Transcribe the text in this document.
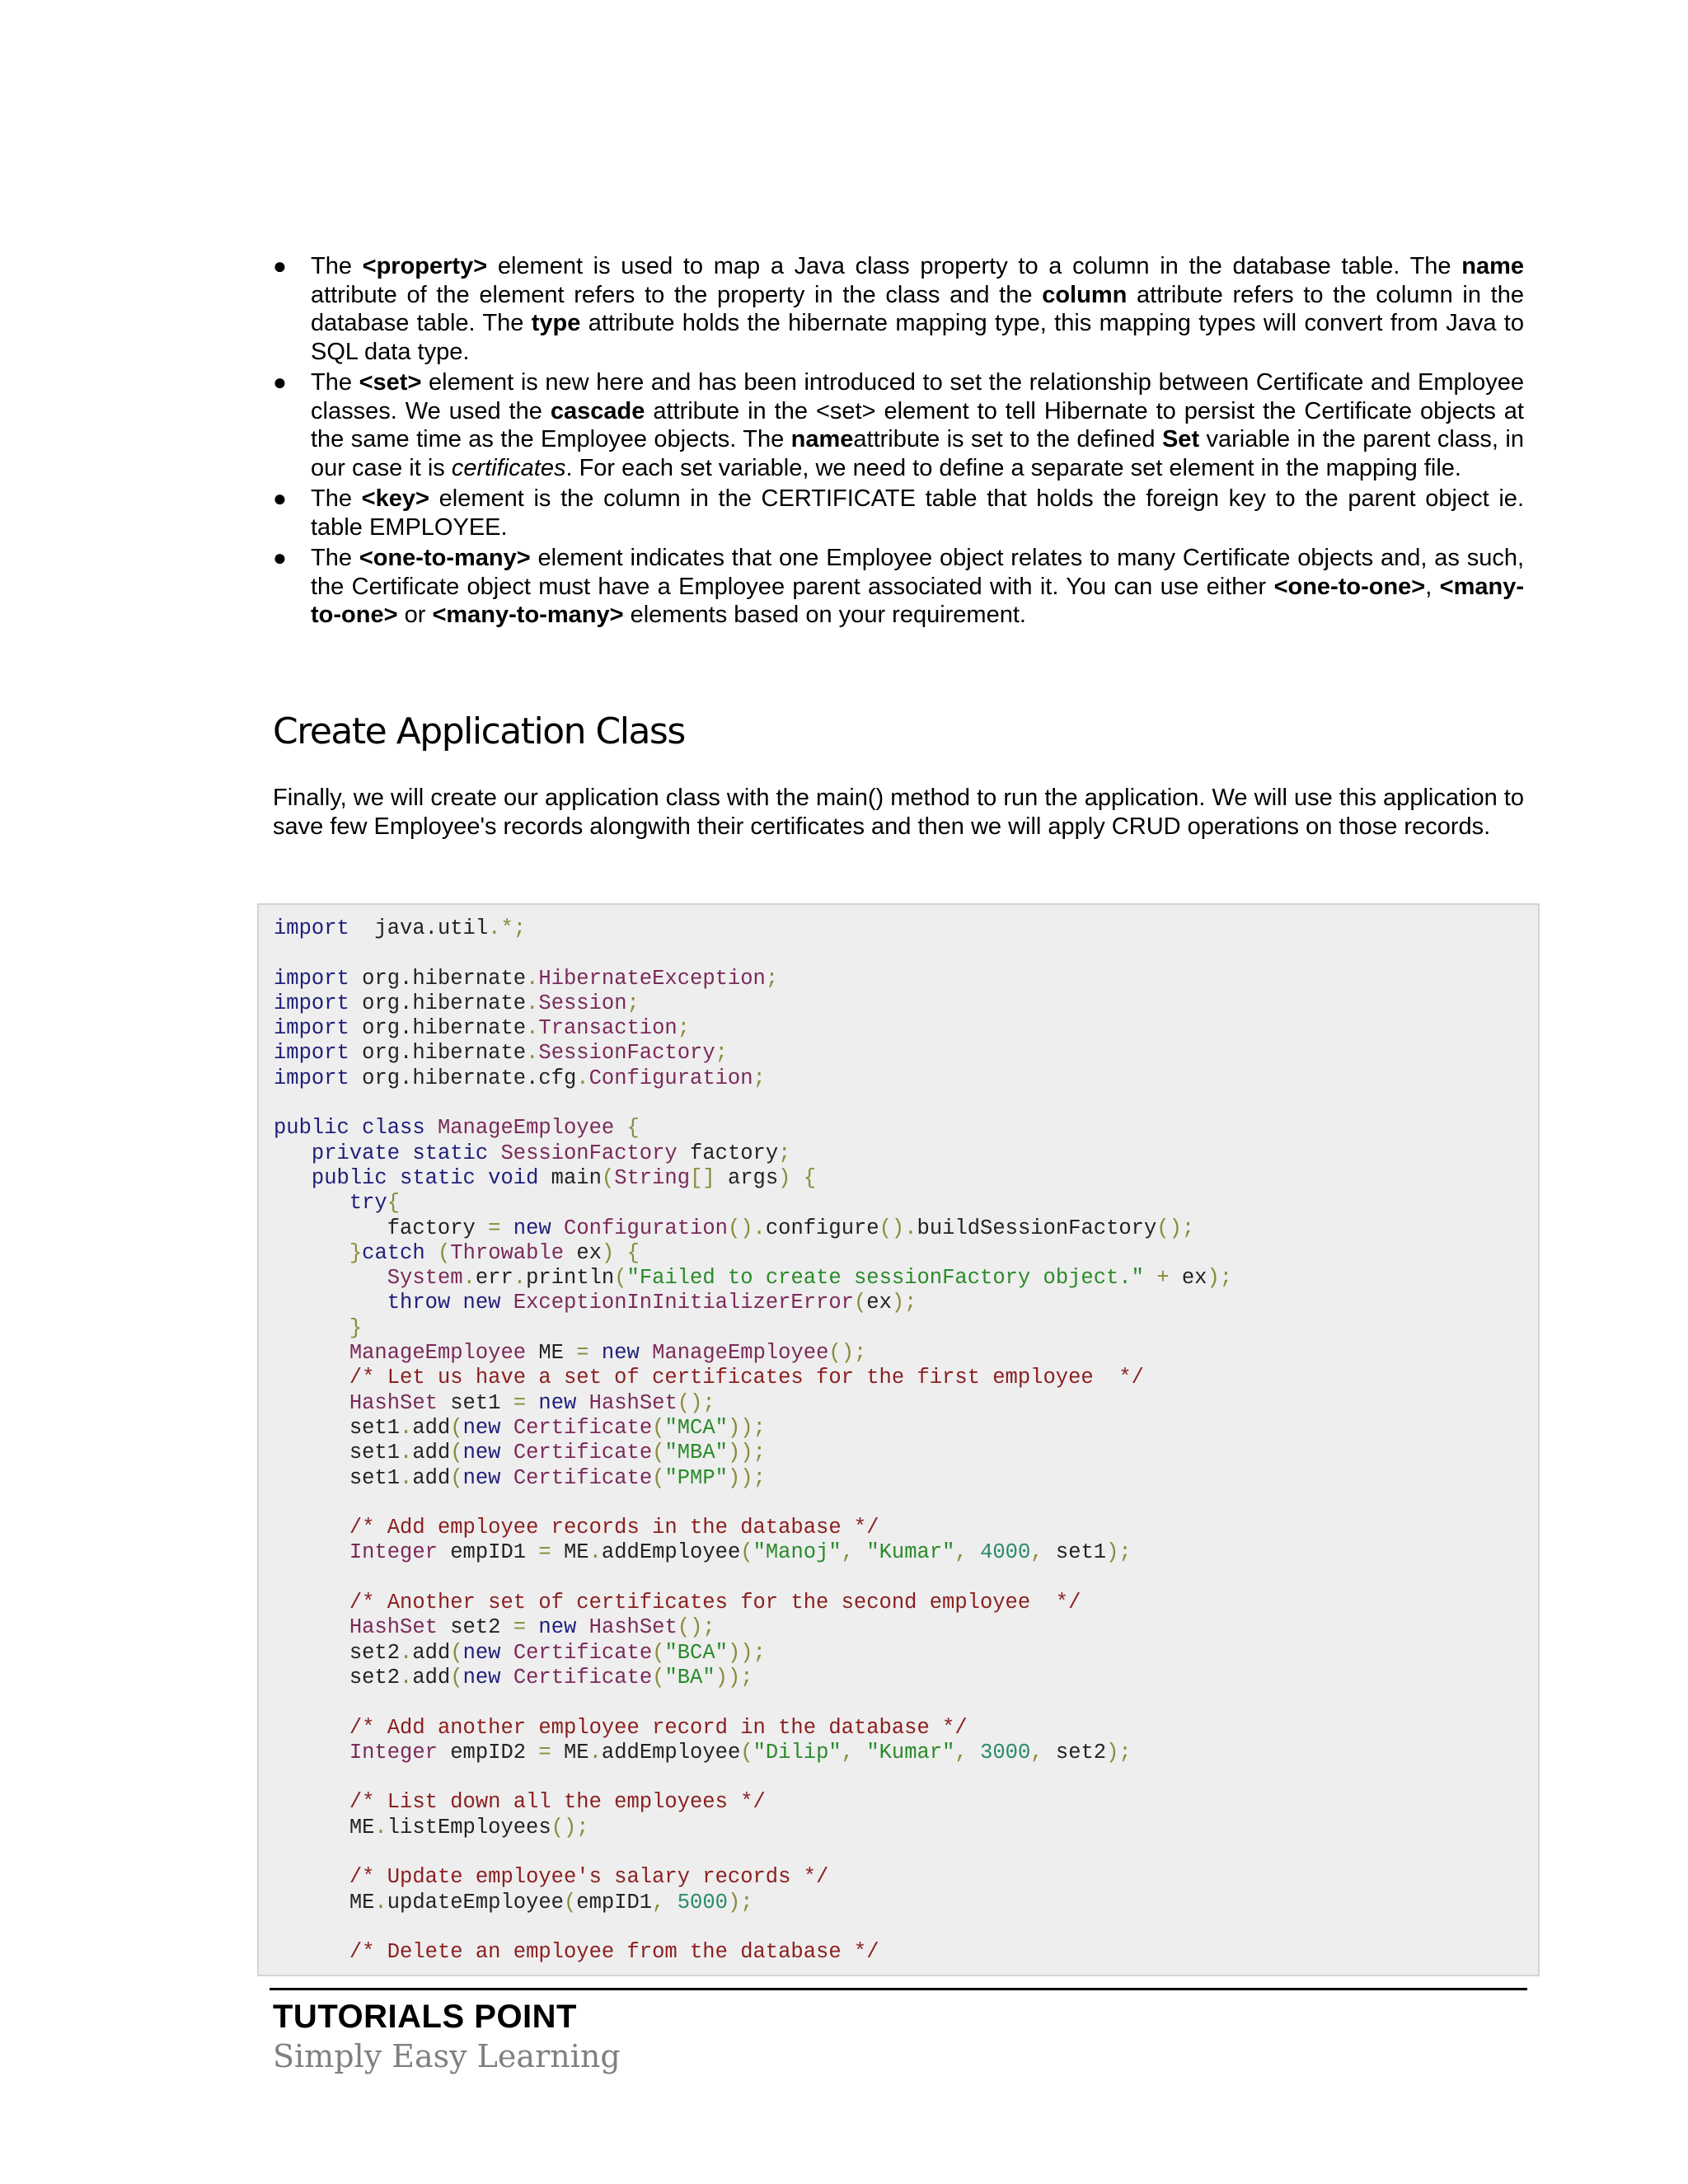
● The <property> element is used to map a Java class property to a column in the database table. The name attribute of the element refers to the property in the class and the column attribute refers to the column in the database table. The type attribute holds the hibernate mapping type, this mapping types will convert from Java to SQL data type.
● The <set> element is new here and has been introduced to set the relationship between Certificate and Employee classes. We used the cascade attribute in the <set> element to tell Hibernate to persist the Certificate objects at the same time as the Employee objects. The nameattribute is set to the defined Set variable in the parent class, in our case it is certificates. For each set variable, we need to define a separate set element in the mapping file.
● The <key> element is the column in the CERTIFICATE table that holds the foreign key to the parent object ie. table EMPLOYEE.
● The <one-to-many> element indicates that one Employee object relates to many Certificate objects and, as such, the Certificate object must have a Employee parent associated with it. You can use either <one-to-one>, <many-to-one> or <many-to-many> elements based on your requirement.
Create Application Class

Finally, we will create our application class with the main() method to run the application. We will use this application to save few Employee's records alongwith their certificates and then we will apply CRUD operations on those records.

import  java.util.*;

import org.hibernate.HibernateException;
import org.hibernate.Session;
import org.hibernate.Transaction;
import org.hibernate.SessionFactory;
import org.hibernate.cfg.Configuration;

public class ManageEmployee {
private static SessionFactory factory;
public static void main(String[] args) {
try{
factory = new Configuration().configure().buildSessionFactory();
}catch (Throwable ex) {
System.err.println("Failed to create sessionFactory object." + ex);
throw new ExceptionInInitializerError(ex);
}
ManageEmployee ME = new ManageEmployee();
/* Let us have a set of certificates for the first employee  */
HashSet set1 = new HashSet();
set1.add(new Certificate("MCA"));
set1.add(new Certificate("MBA"));
set1.add(new Certificate("PMP"));

/* Add employee records in the database */
Integer empID1 = ME.addEmployee("Manoj", "Kumar", 4000, set1);

/* Another set of certificates for the second employee  */
HashSet set2 = new HashSet();
set2.add(new Certificate("BCA"));
set2.add(new Certificate("BA"));

/* Add another employee record in the database */
Integer empID2 = ME.addEmployee("Dilip", "Kumar", 3000, set2);

/* List down all the employees */
ME.listEmployees();

/* Update employee's salary records */
ME.updateEmployee(empID1, 5000);

/* Delete an employee from the database */

TUTORIALS POINT
Simply Easy Learning
